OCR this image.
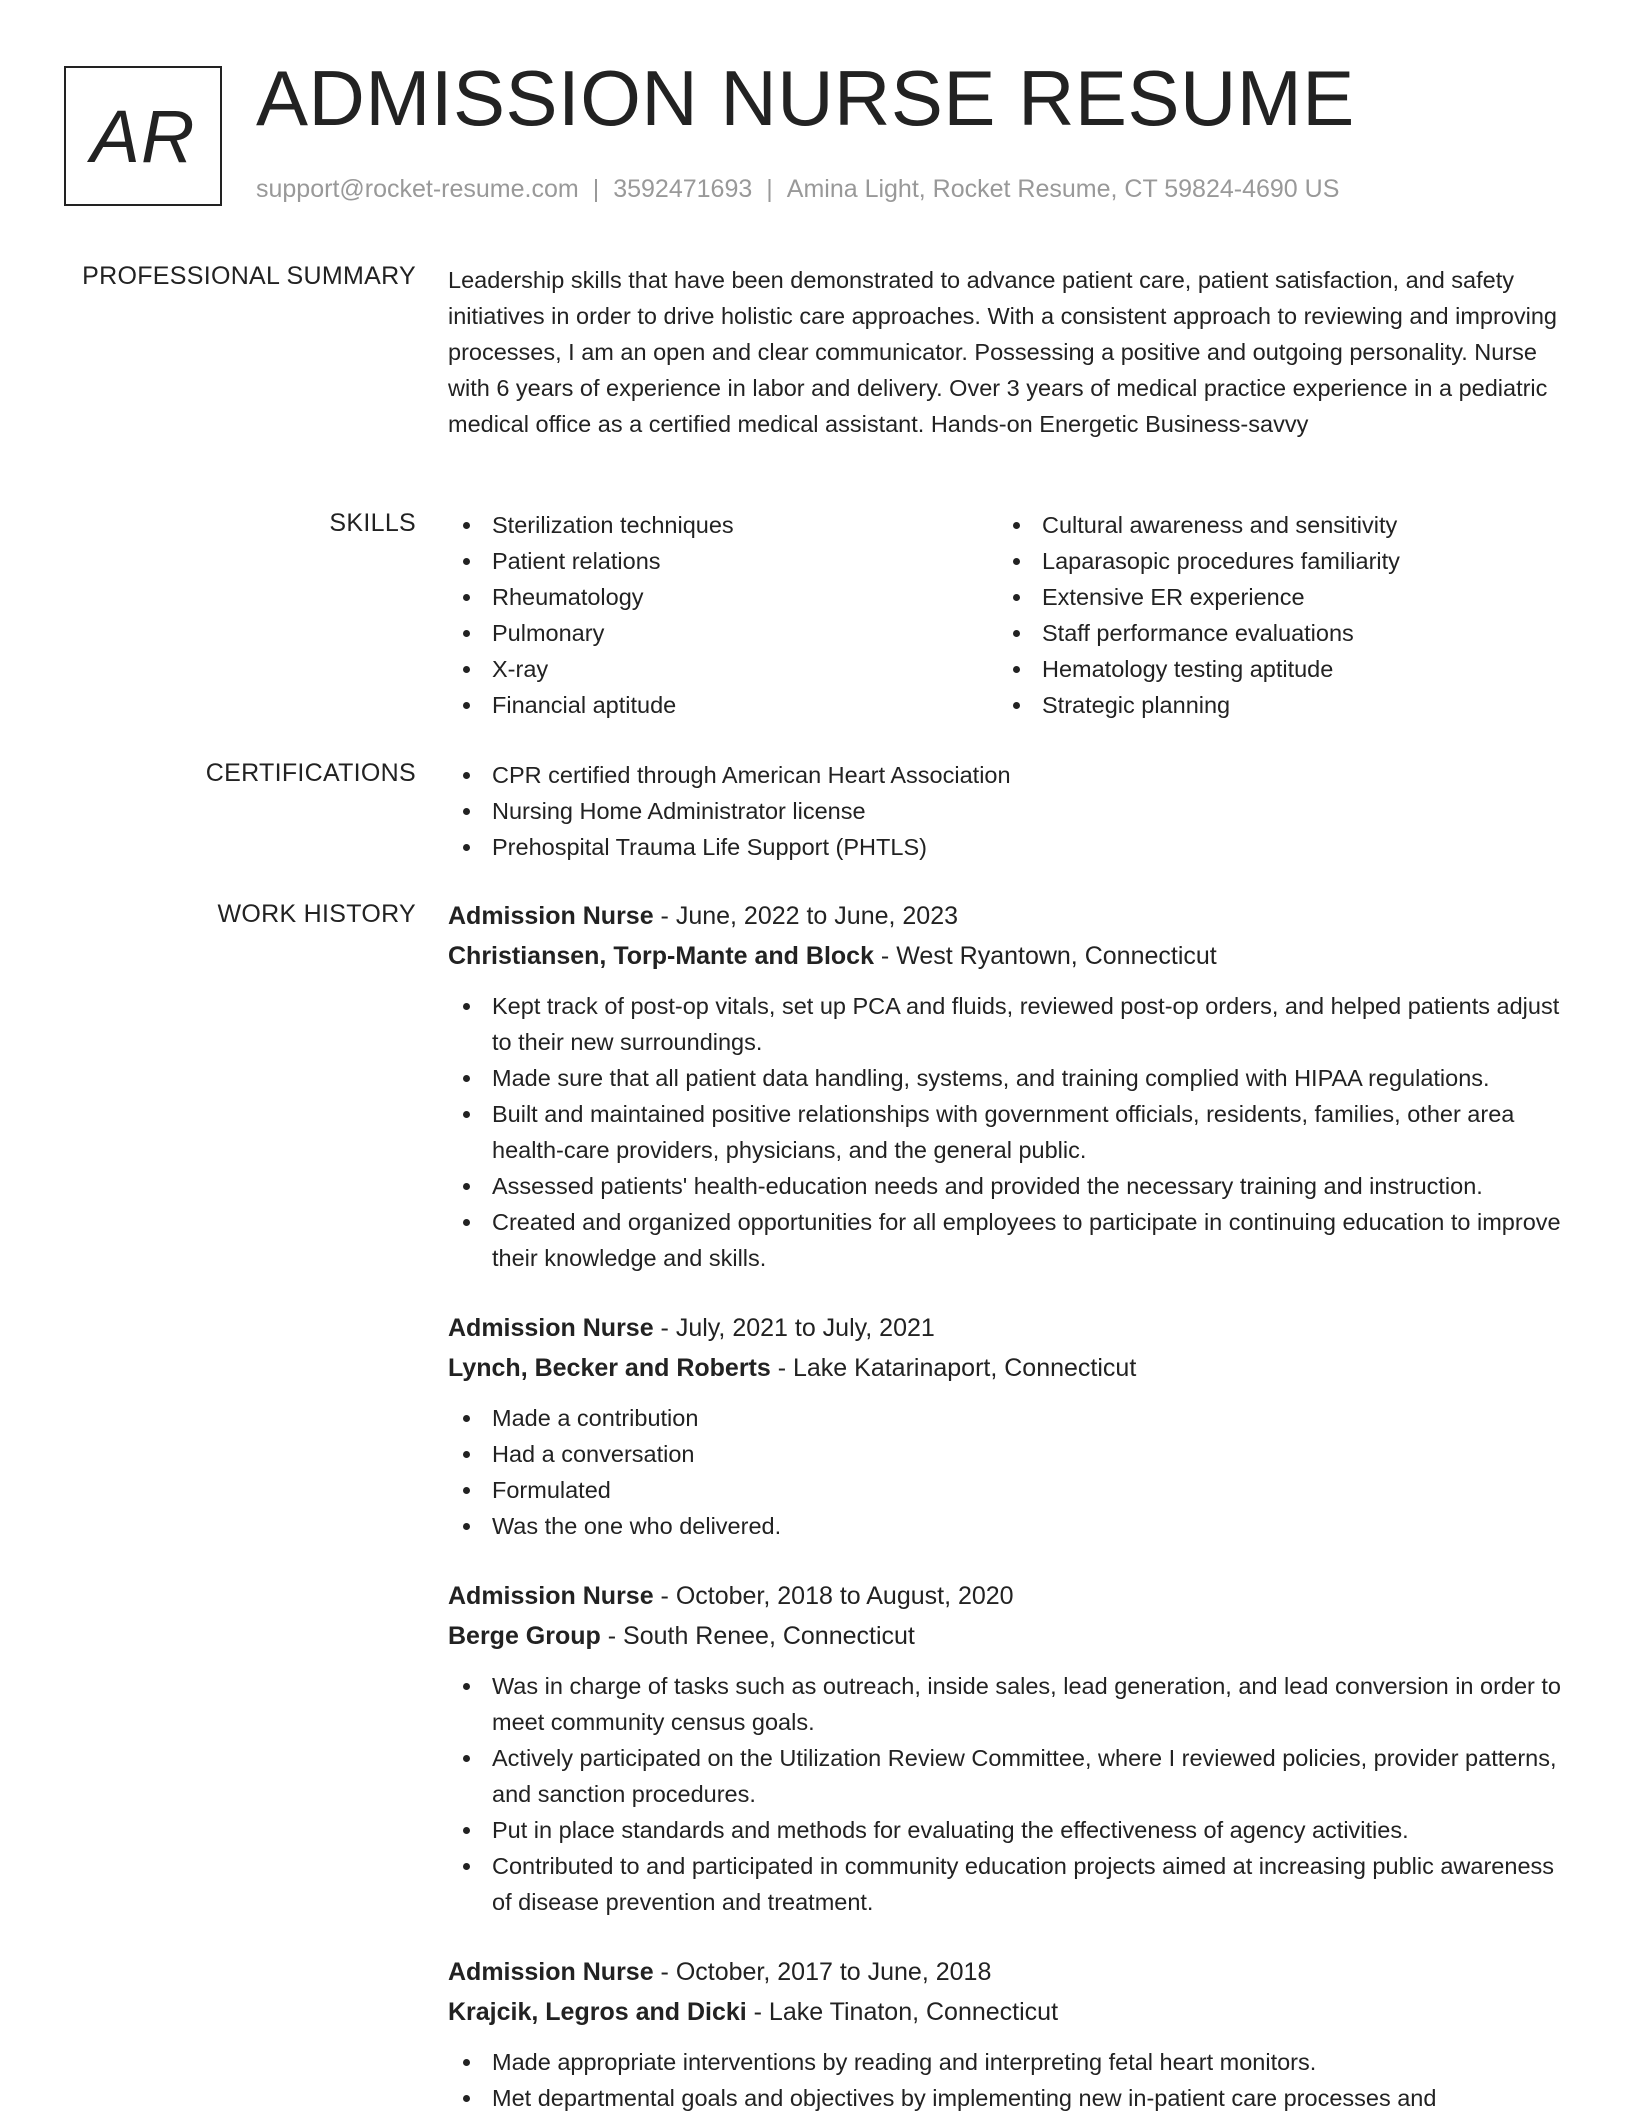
AR ADMISSION NURSE RESUME
support@rocket-resume.com | 3592471693 | Amina Light, Rocket Resume, CT 59824-4690 US
PROFESSIONAL SUMMARY Leadership skills that have been demonstrated to advance patient care, patient satisfaction, and safety initiatives in order to drive holistic care approaches. With a consistent approach to reviewing and improving processes, I am an open and clear communicator. Possessing a positive and outgoing personality. Nurse with 6 years of experience in labor and delivery. Over 3 years of medical practice experience in a pediatric medical office as a certified medical assistant. Hands-on Energetic Business-savvy

SKILLS	Sterilization techniques
Patient relations
Rheumatology
Pulmonary
X-ray
Financial aptitude
Cultural awareness and sensitivity
Laparasopic procedures familiarity
Extensive ER experience
Staff performance evaluations
Hematology testing aptitude
Strategic planning
CERTIFICATIONS	CPR certified through American Heart Association
Nursing Home Administrator license
Prehospital Trauma Life Support (PHTLS)
WORK HISTORY Admission Nurse - June, 2022 to June, 2023
Christiansen, Torp-Mante and Block - West Ryantown, Connecticut
Kept track of post-op vitals, set up PCA and fluids, reviewed post-op orders, and helped patients adjust to their new surroundings.
Made sure that all patient data handling, systems, and training complied with HIPAA regulations.
Built and maintained positive relationships with government officials, residents, families, other area health-care providers, physicians, and the general public.
Assessed patients' health-education needs and provided the necessary training and instruction.
Created and organized opportunities for all employees to participate in continuing education to improve their knowledge and skills.
Admission Nurse - July, 2021 to July, 2021
Lynch, Becker and Roberts - Lake Katarinaport, Connecticut
Made a contribution
Had a conversation
Formulated
Was the one who delivered.
Admission Nurse - October, 2018 to August, 2020
Berge Group - South Renee, Connecticut
Was in charge of tasks such as outreach, inside sales, lead generation, and lead conversion in order to meet community census goals.
Actively participated on the Utilization Review Committee, where I reviewed policies, provider patterns, and sanction procedures.
Put in place standards and methods for evaluating the effectiveness of agency activities.
Contributed to and participated in community education projects aimed at increasing public awareness of disease prevention and treatment.
Admission Nurse - October, 2017 to June, 2018
Krajcik, Legros and Dicki - Lake Tinaton, Connecticut
Made appropriate interventions by reading and interpreting fetal heart monitors.
Met departmental goals and objectives by implementing new in-patient care processes and
